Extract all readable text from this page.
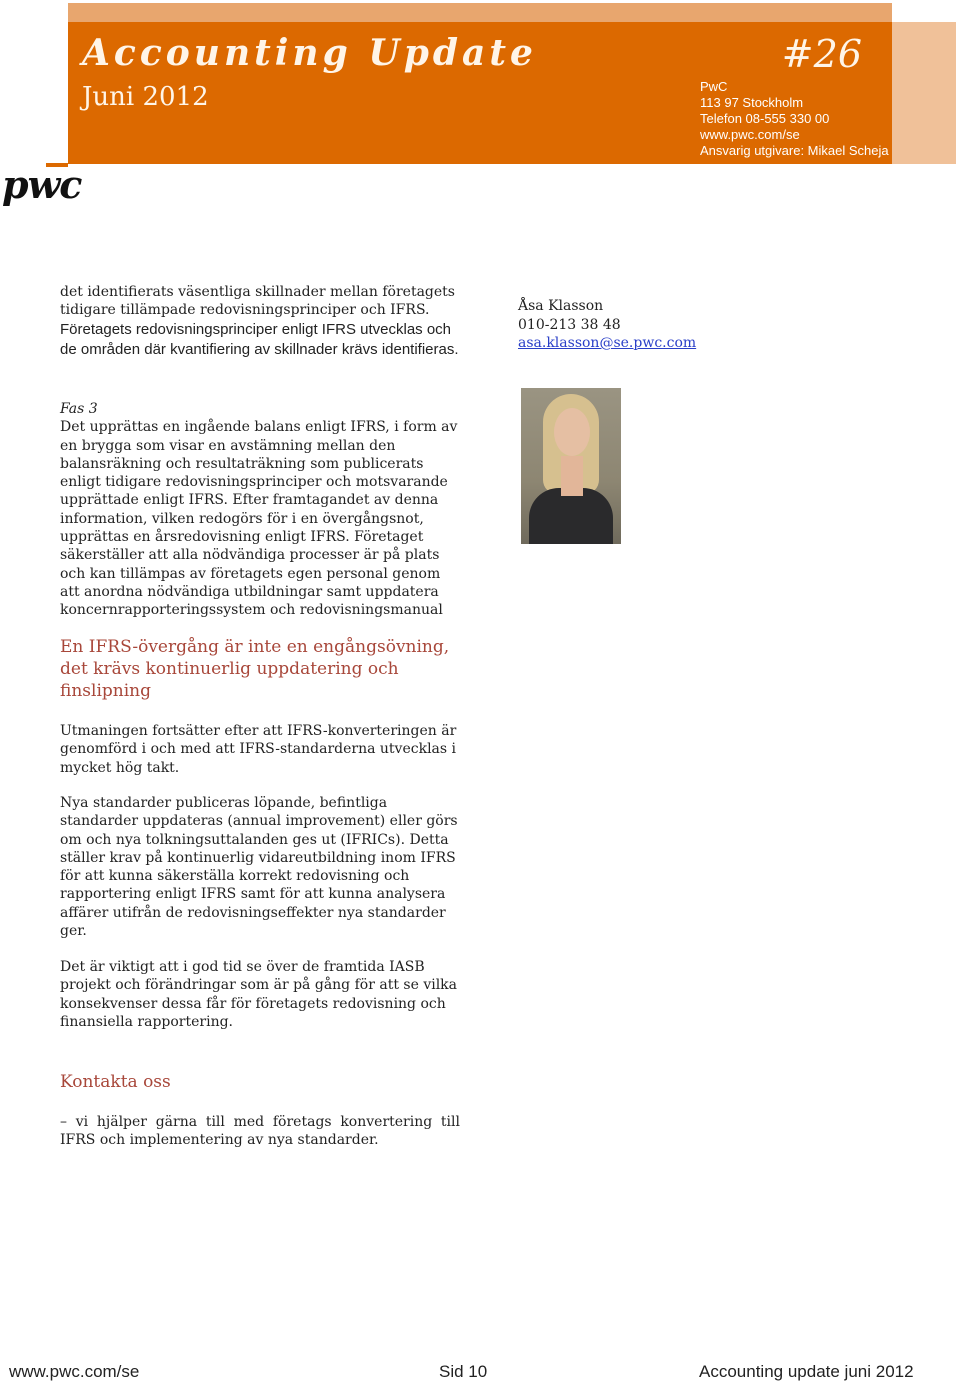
Accounting Update	#26
Juni 2012	PwC
113 97 Stockholm
Telefon 08-555 330 00
www.pwc.com/se
Ansvarig utgivare: Mikael Scheja
pwc

det identifierats väsentliga skillnader mellan företagets tidigare tillämpade redovisningsprinciper och IFRS.

Företagets redovisningsprinciper enligt IFRS utvecklas och de områden där kvantifiering av skillnader krävs identifieras.

Fas 3

Det upprättas en ingående balans enligt IFRS, i form av en brygga som visar en avstämning mellan den balansräkning och resultaträkning som publicerats enligt tidigare redovisningsprinciper och motsvarande upprättade enligt IFRS. Efter framtagandet av denna information, vilken redogörs för i en övergångsnot, upprättas en årsredovisning enligt IFRS. Företaget säkerställer att alla nödvändiga processer är på plats och kan tillämpas av företagets egen personal genom att anordna nödvändiga utbildningar samt uppdatera koncernrapporteringssystem och redovisningsmanual

En IFRS-övergång är inte en engångsövning, det krävs kontinuerlig uppdatering och finslipning

Utmaningen fortsätter efter att IFRS-konverteringen är genomförd i och med att IFRS-standarderna utvecklas i mycket hög takt.

Nya standarder publiceras löpande, befintliga standarder uppdateras (annual improvement) eller görs om och nya tolkningsuttalanden ges ut (IFRICs). Detta ställer krav på kontinuerlig vidareutbildning inom IFRS för att kunna säkerställa korrekt redovisning och rapportering enligt IFRS samt för att kunna analysera affärer utifrån de redovisningseffekter nya standarder ger.

Det är viktigt att i god tid se över de framtida IASB projekt och förändringar som är på gång för att se vilka konsekvenser dessa får för företagets redovisning och finansiella rapportering.

Kontakta oss

– vi hjälper gärna till med företags konvertering till IFRS och implementering av nya standarder.

Åsa Klasson
010-213 38 48
asa.klasson@se.pwc.com
www.pwc.com/se	Sid 10	Accounting update juni 2012
